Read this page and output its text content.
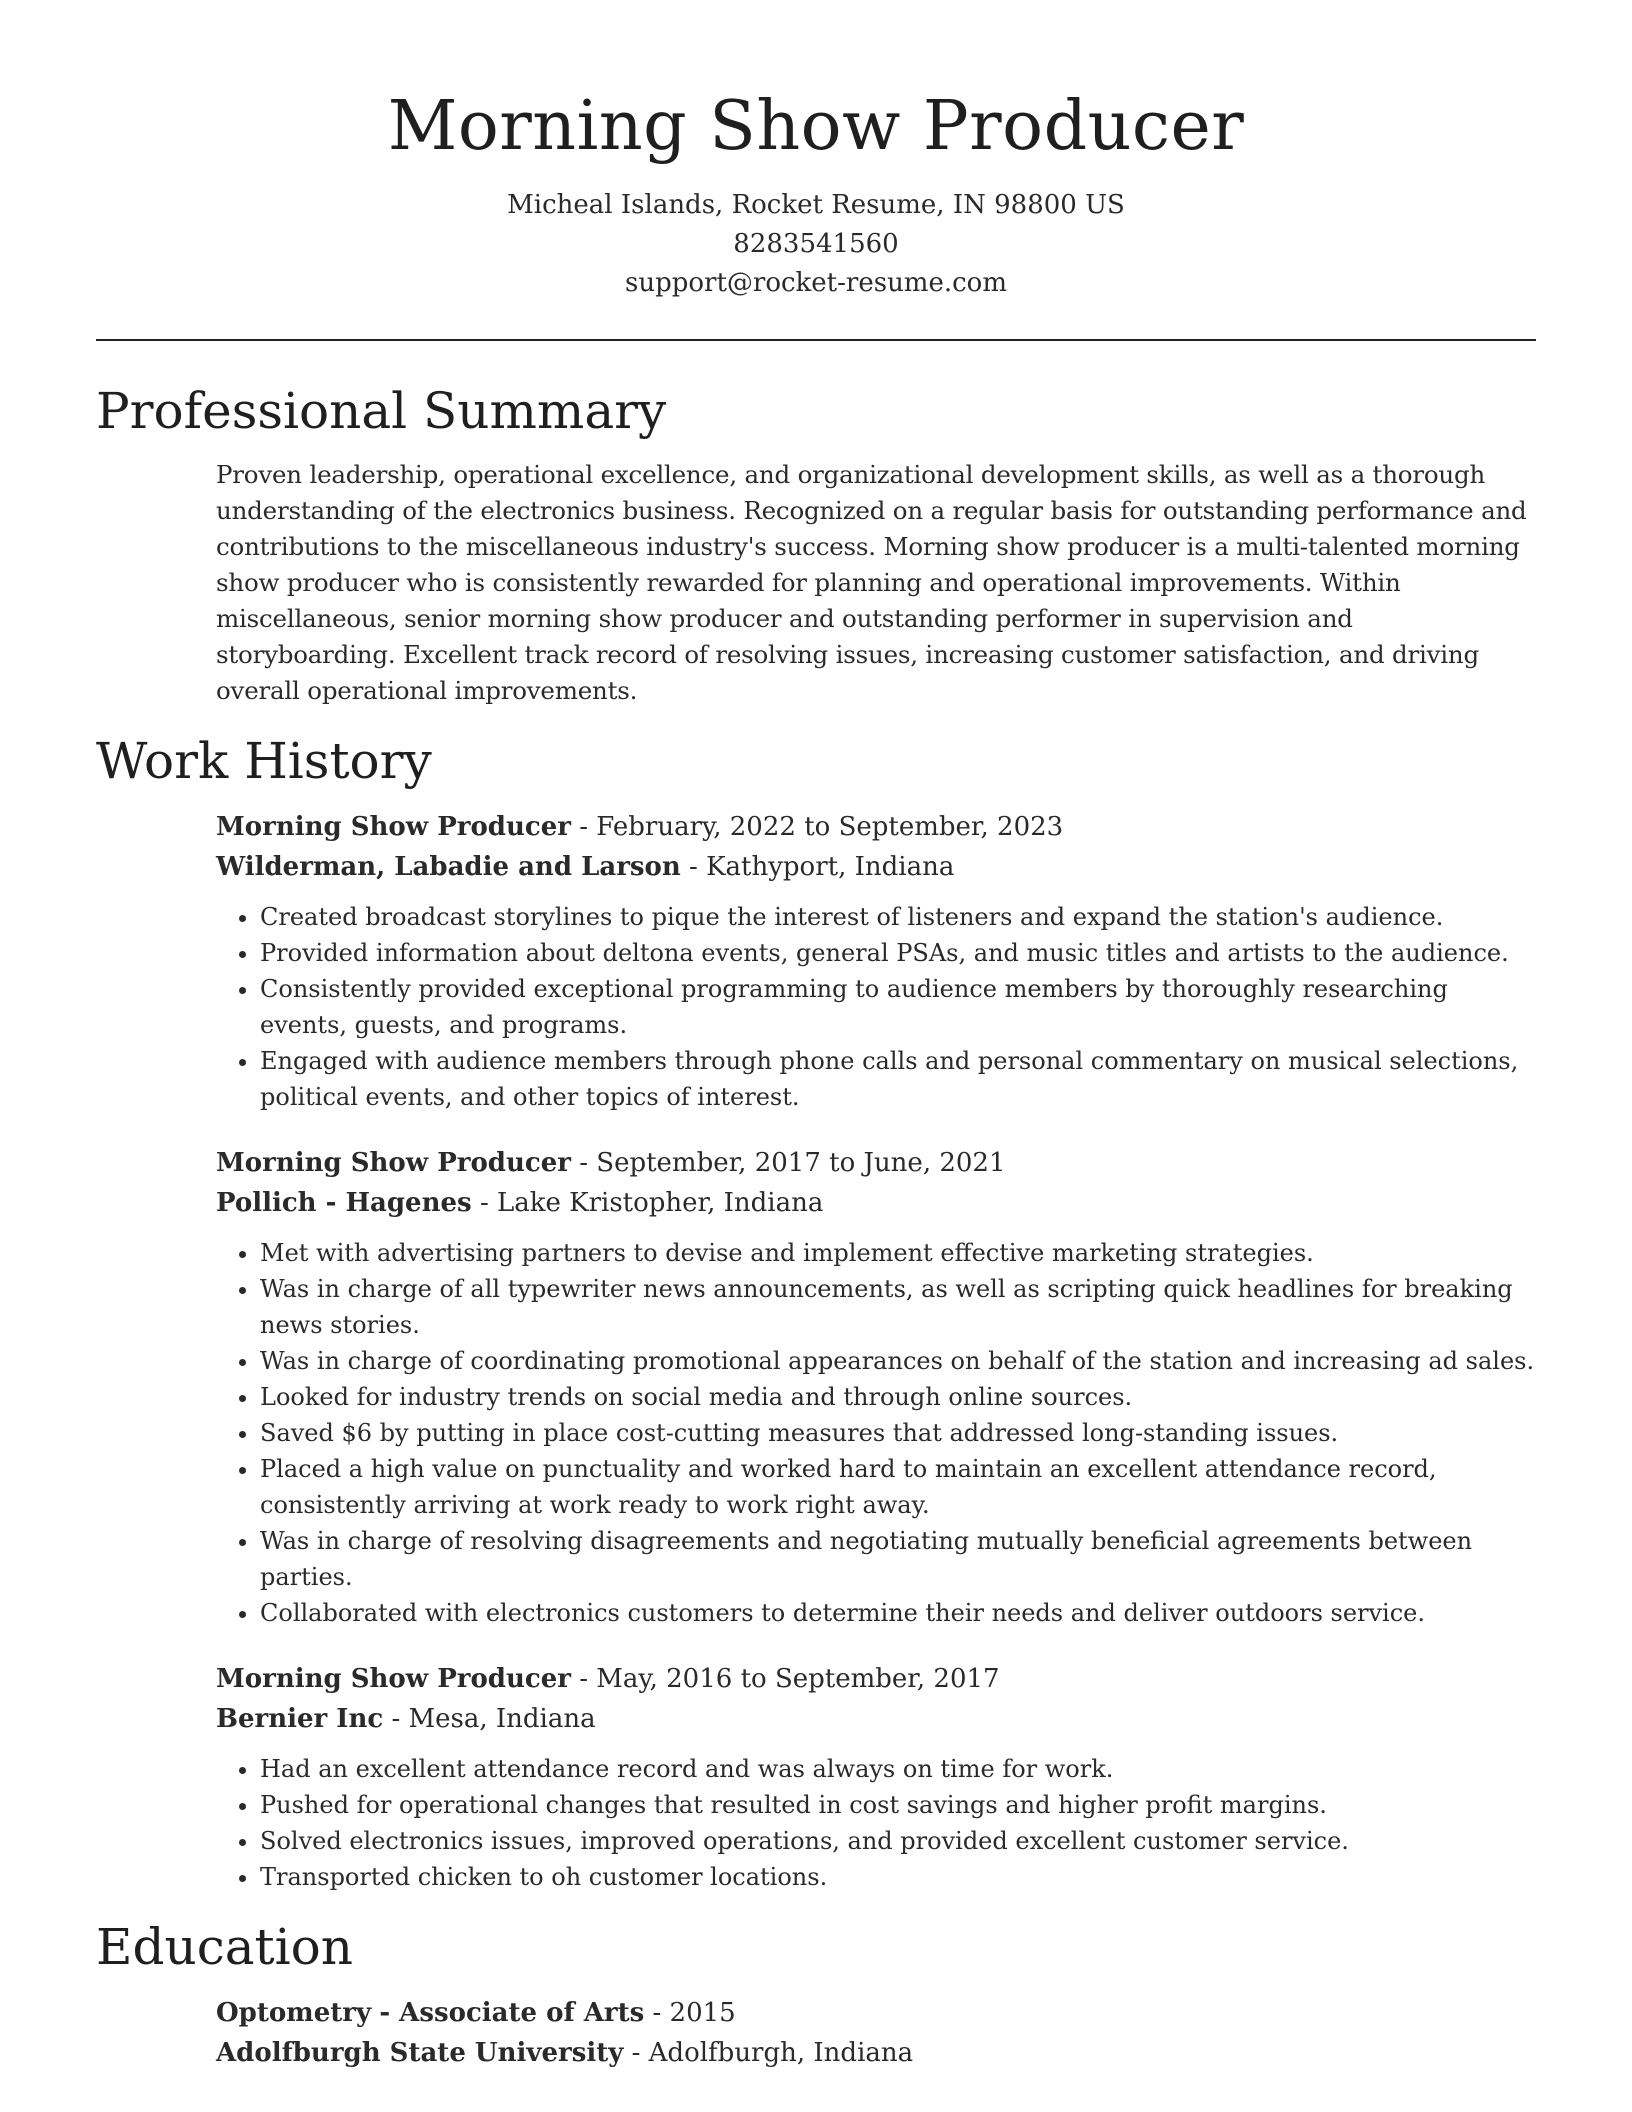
Morning Show Producer
Micheal Islands, Rocket Resume, IN 98800 US
8283541560
support@rocket-resume.com
Professional Summary
Proven leadership, operational excellence, and organizational development skills, as well as a thorough understanding of the electronics business. Recognized on a regular basis for outstanding performance and contributions to the miscellaneous industry's success. Morning show producer is a multi-talented morning show producer who is consistently rewarded for planning and operational improvements. Within miscellaneous, senior morning show producer and outstanding performer in supervision and storyboarding. Excellent track record of resolving issues, increasing customer satisfaction, and driving overall operational improvements.
Work History
Morning Show Producer - February, 2022 to September, 2023
Wilderman, Labadie and Larson - Kathyport, Indiana
• Created broadcast storylines to pique the interest of listeners and expand the station's audience.
• Provided information about deltona events, general PSAs, and music titles and artists to the audience.
• Consistently provided exceptional programming to audience members by thoroughly researching events, guests, and programs.
• Engaged with audience members through phone calls and personal commentary on musical selections, political events, and other topics of interest.
Morning Show Producer - September, 2017 to June, 2021
Pollich - Hagenes - Lake Kristopher, Indiana
• Met with advertising partners to devise and implement effective marketing strategies.
• Was in charge of all typewriter news announcements, as well as scripting quick headlines for breaking news stories.
• Was in charge of coordinating promotional appearances on behalf of the station and increasing ad sales.
• Looked for industry trends on social media and through online sources.
• Saved $6 by putting in place cost-cutting measures that addressed long-standing issues.
• Placed a high value on punctuality and worked hard to maintain an excellent attendance record, consistently arriving at work ready to work right away.
• Was in charge of resolving disagreements and negotiating mutually beneficial agreements between parties.
• Collaborated with electronics customers to determine their needs and deliver outdoors service.
Morning Show Producer - May, 2016 to September, 2017
Bernier Inc - Mesa, Indiana
• Had an excellent attendance record and was always on time for work.
• Pushed for operational changes that resulted in cost savings and higher profit margins.
• Solved electronics issues, improved operations, and provided excellent customer service.
• Transported chicken to oh customer locations.
Education
Optometry - Associate of Arts - 2015
Adolfburgh State University - Adolfburgh, Indiana
